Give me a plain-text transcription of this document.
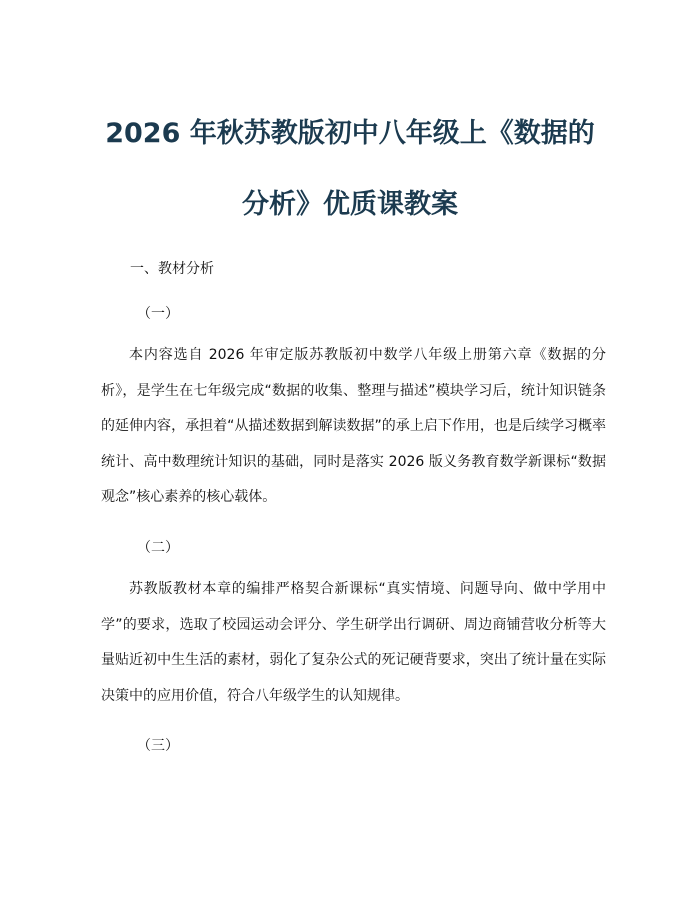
2026 年秋苏教版初中八年级上《数据的
分析》优质课教案
一、教材分析
（一）
本内容选自 2026 年审定版苏教版初中数学八年级上册第六章《数据的分析》，是学生在七年级完成“数据的收集、整理与描述”模块学习后，统计知识链条的延伸内容，承担着“从描述数据到解读数据”的承上启下作用，也是后续学习概率统计、高中数理统计知识的基础，同时是落实 2026 版义务教育数学新课标“数据观念”核心素养的核心载体。
（二）
苏教版教材本章的编排严格契合新课标“真实情境、问题导向、做中学用中学”的要求，选取了校园运动会评分、学生研学出行调研、周边商铺营收分析等大量贴近初中生生活的素材，弱化了复杂公式的死记硬背要求，突出了统计量在实际决策中的应用价值，符合八年级学生的认知规律。
（三）
